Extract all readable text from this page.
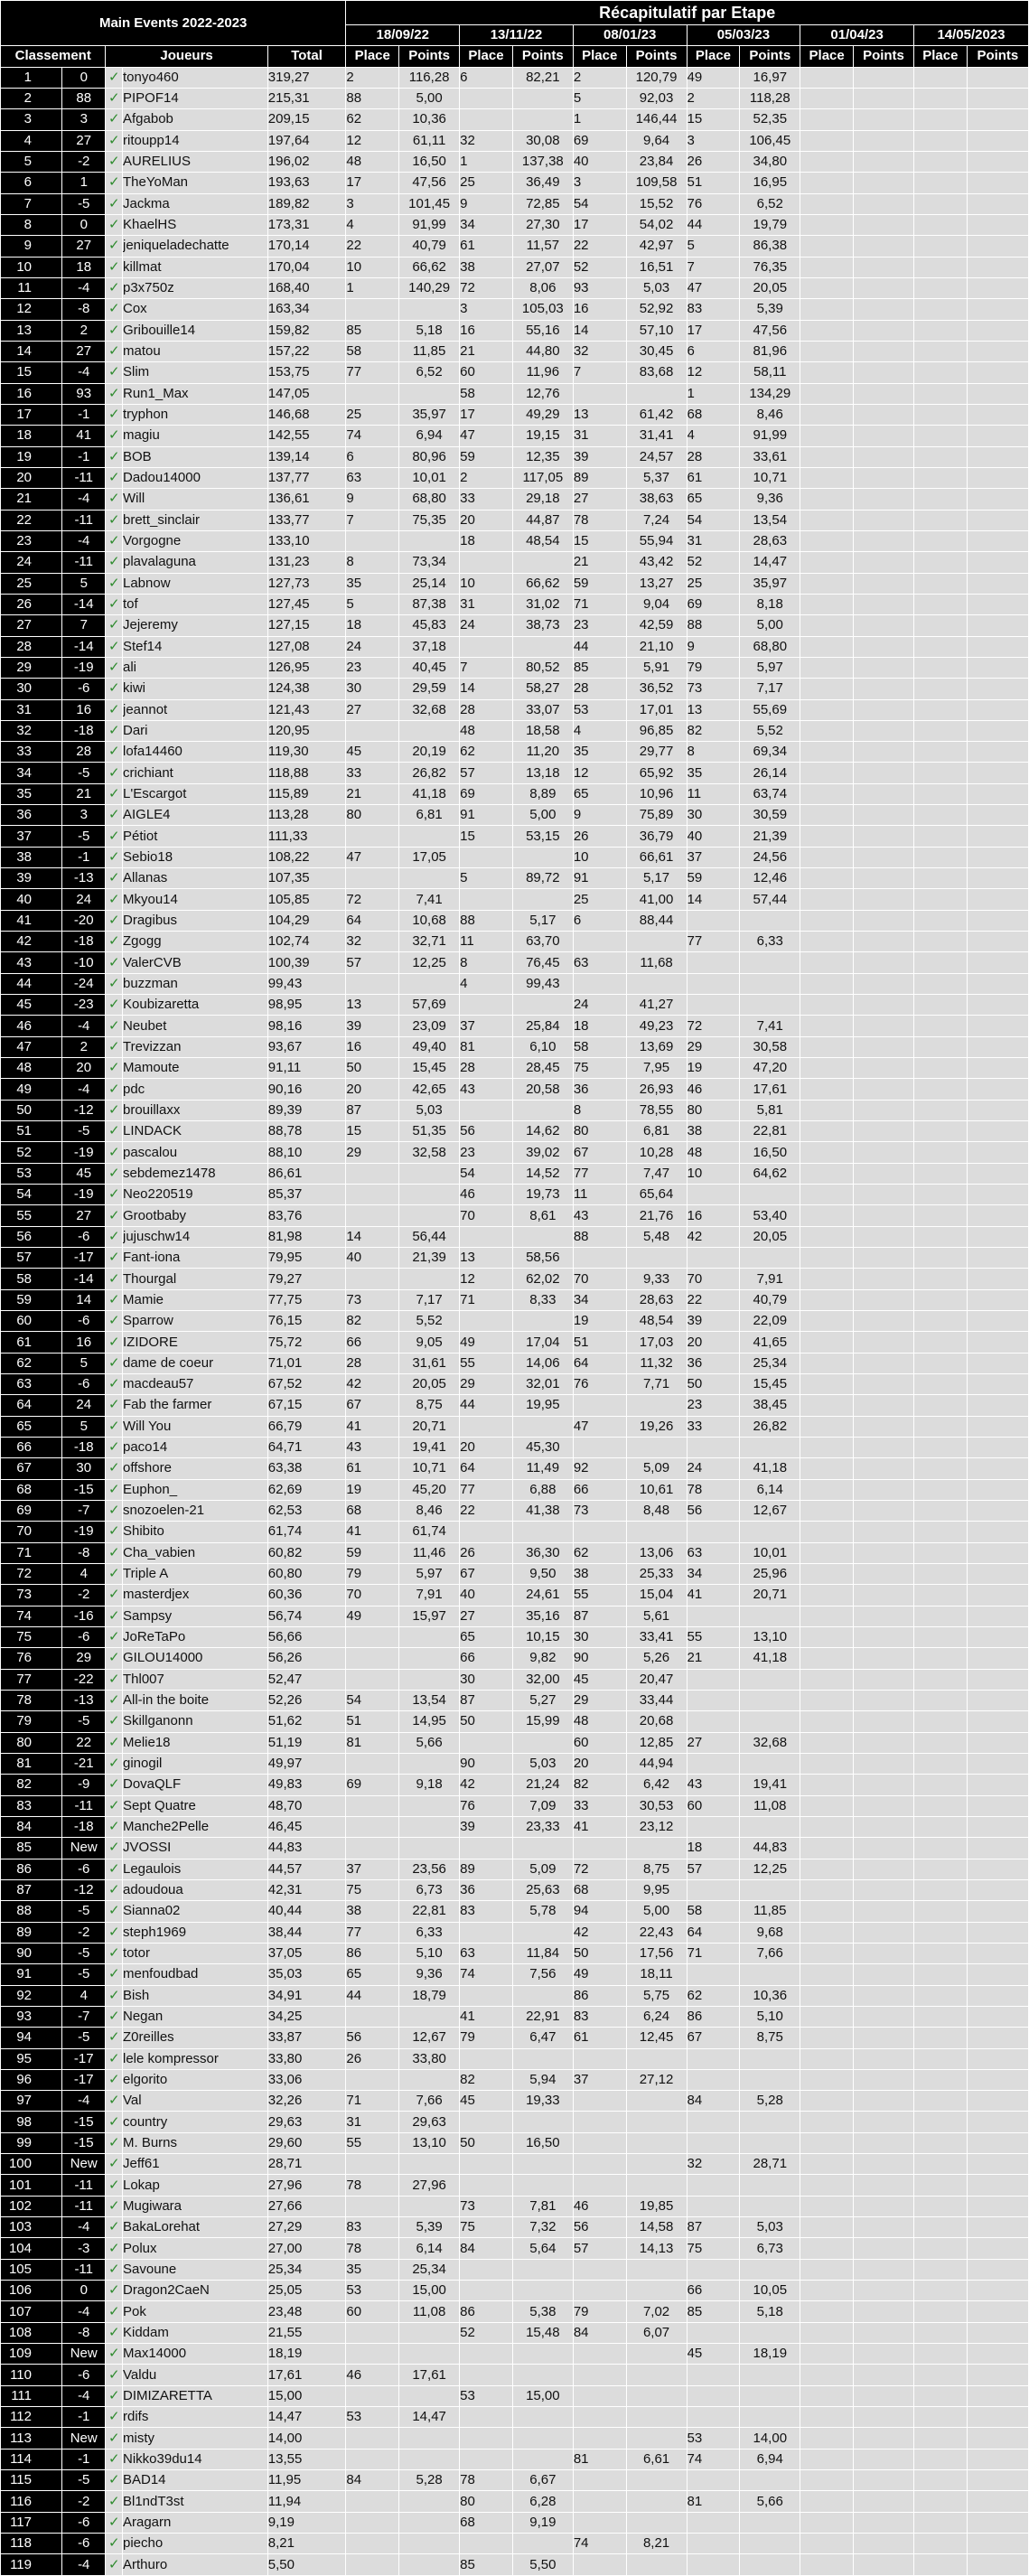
Main Events 2022-2023					Récapitulatif par Etape											
					18/09/22		13/11/22		08/01/23		05/03/23		01/04/23		14/05/2023	
Classement		Joueurs		Total	Place	Points	Place	Points	Place	Points	Place	Points	Place	Points	Place	Points
1	0	✓	tonyo460	319,27	2	116,28	6	82,21	2	120,79	49	16,97				
2	88	✓	PIPOF14	215,31	88	5,00			5	92,03	2	118,28				
3	3	✓	Afgabob	209,15	62	10,36			1	146,44	15	52,35				
4	27	✓	ritoupp14	197,64	12	61,11	32	30,08	69	9,64	3	106,45				
5	-2	✓	AURELIUS	196,02	48	16,50	1	137,38	40	23,84	26	34,80				
6	1	✓	TheYoMan	193,63	17	47,56	25	36,49	3	109,58	51	16,95				
7	-5	✓	Jackma	189,82	3	101,45	9	72,85	54	15,52	76	6,52				
8	0	✓	KhaelHS	173,31	4	91,99	34	27,30	17	54,02	44	19,79				
9	27	✓	jeniqueladechatte	170,14	22	40,79	61	11,57	22	42,97	5	86,38				
10	18	✓	killmat	170,04	10	66,62	38	27,07	52	16,51	7	76,35				
11	-4	✓	p3x750z	168,40	1	140,29	72	8,06	93	5,03	47	20,05				
12	-8	✓	Cox	163,34			3	105,03	16	52,92	83	5,39				
13	2	✓	Gribouille14	159,82	85	5,18	16	55,16	14	57,10	17	47,56				
14	27	✓	matou	157,22	58	11,85	21	44,80	32	30,45	6	81,96				
15	-4	✓	Slim	153,75	77	6,52	60	11,96	7	83,68	12	58,11				
16	93	✓	Run1_Max	147,05			58	12,76			1	134,29				
17	-1	✓	tryphon	146,68	25	35,97	17	49,29	13	61,42	68	8,46				
18	41	✓	magiu	142,55	74	6,94	47	19,15	31	31,41	4	91,99				
19	-1	✓	BOB	139,14	6	80,96	59	12,35	39	24,57	28	33,61				
20	-11	✓	Dadou14000	137,77	63	10,01	2	117,05	89	5,37	61	10,71				
21	-4	✓	Will	136,61	9	68,80	33	29,18	27	38,63	65	9,36				
22	-11	✓	brett_sinclair	133,77	7	75,35	20	44,87	78	7,24	54	13,54				
23	-4	✓	Vorgogne	133,10			18	48,54	15	55,94	31	28,63				
24	-11	✓	plavalaguna	131,23	8	73,34			21	43,42	52	14,47				
25	5	✓	Labnow	127,73	35	25,14	10	66,62	59	13,27	25	35,97				
26	-14	✓	tof	127,45	5	87,38	31	31,02	71	9,04	69	8,18				
27	7	✓	Jejeremy	127,15	18	45,83	24	38,73	23	42,59	88	5,00				
28	-14	✓	Stef14	127,08	24	37,18			44	21,10	9	68,80				
29	-19	✓	ali	126,95	23	40,45	7	80,52	85	5,91	79	5,97				
30	-6	✓	kiwi	124,38	30	29,59	14	58,27	28	36,52	73	7,17				
31	16	✓	jeannot	121,43	27	32,68	28	33,07	53	17,01	13	55,69				
32	-18	✓	Dari	120,95			48	18,58	4	96,85	82	5,52				
33	28	✓	lofa14460	119,30	45	20,19	62	11,20	35	29,77	8	69,34				
34	-5	✓	crichiant	118,88	33	26,82	57	13,18	12	65,92	35	26,14				
35	21	✓	L'Escargot	115,89	21	41,18	69	8,89	65	10,96	11	63,74				
36	3	✓	AIGLE4	113,28	80	6,81	91	5,00	9	75,89	30	30,59				
37	-5	✓	Pétiot	111,33			15	53,15	26	36,79	40	21,39				
38	-1	✓	Sebio18	108,22	47	17,05			10	66,61	37	24,56				
39	-13	✓	Allanas	107,35			5	89,72	91	5,17	59	12,46				
40	24	✓	Mkyou14	105,85	72	7,41			25	41,00	14	57,44				
41	-20	✓	Dragibus	104,29	64	10,68	88	5,17	6	88,44						
42	-18	✓	Zgogg	102,74	32	32,71	11	63,70			77	6,33				
43	-10	✓	ValerCVB	100,39	57	12,25	8	76,45	63	11,68						
44	-24	✓	buzzman	99,43			4	99,43								
45	-23	✓	Koubizaretta	98,95	13	57,69			24	41,27						
46	-4	✓	Neubet	98,16	39	23,09	37	25,84	18	49,23	72	7,41				
47	2	✓	Trevizzan	93,67	16	49,40	81	6,10	58	13,69	29	30,58				
48	20	✓	Mamoute	91,11	50	15,45	28	28,45	75	7,95	19	47,20				
49	-4	✓	pdc	90,16	20	42,65	43	20,58	36	26,93	46	17,61				
50	-12	✓	brouillaxx	89,39	87	5,03			8	78,55	80	5,81				
51	-5	✓	LINDACK	88,78	15	51,35	56	14,62	80	6,81	38	22,81				
52	-19	✓	pascalou	88,10	29	32,58	23	39,02	67	10,28	48	16,50				
53	45	✓	sebdemez1478	86,61			54	14,52	77	7,47	10	64,62				
54	-19	✓	Neo220519	85,37			46	19,73	11	65,64						
55	27	✓	Grootbaby	83,76			70	8,61	43	21,76	16	53,40				
56	-6	✓	jujuschw14	81,98	14	56,44			88	5,48	42	20,05				
57	-17	✓	Fant-iona	79,95	40	21,39	13	58,56								
58	-14	✓	Thourgal	79,27			12	62,02	70	9,33	70	7,91				
59	14	✓	Mamie	77,75	73	7,17	71	8,33	34	28,63	22	40,79				
60	-6	✓	Sparrow	76,15	82	5,52			19	48,54	39	22,09				
61	16	✓	IZIDORE	75,72	66	9,05	49	17,04	51	17,03	20	41,65				
62	5	✓	dame de coeur	71,01	28	31,61	55	14,06	64	11,32	36	25,34				
63	-6	✓	macdeau57	67,52	42	20,05	29	32,01	76	7,71	50	15,45				
64	24	✓	Fab the farmer	67,15	67	8,75	44	19,95			23	38,45				
65	5	✓	Will You	66,79	41	20,71			47	19,26	33	26,82				
66	-18	✓	paco14	64,71	43	19,41	20	45,30								
67	30	✓	offshore	63,38	61	10,71	64	11,49	92	5,09	24	41,18				
68	-15	✓	Euphon_	62,69	19	45,20	77	6,88	66	10,61	78	6,14				
69	-7	✓	snozoelen-21	62,53	68	8,46	22	41,38	73	8,48	56	12,67				
70	-19	✓	Shibito	61,74	41	61,74										
71	-8	✓	Cha_vabien	60,82	59	11,46	26	36,30	62	13,06	63	10,01				
72	4	✓	Triple A	60,80	79	5,97	67	9,50	38	25,33	34	25,96				
73	-2	✓	masterdjex	60,36	70	7,91	40	24,61	55	15,04	41	20,71				
74	-16	✓	Sampsy	56,74	49	15,97	27	35,16	87	5,61						
75	-6	✓	JoReTaPo	56,66			65	10,15	30	33,41	55	13,10				
76	29	✓	GILOU14000	56,26			66	9,82	90	5,26	21	41,18				
77	-22	✓	Thl007	52,47			30	32,00	45	20,47						
78	-13	✓	All-in the boite	52,26	54	13,54	87	5,27	29	33,44						
79	-5	✓	Skillganonn	51,62	51	14,95	50	15,99	48	20,68						
80	22	✓	Melie18	51,19	81	5,66			60	12,85	27	32,68				
81	-21	✓	ginogil	49,97			90	5,03	20	44,94						
82	-9	✓	DovaQLF	49,83	69	9,18	42	21,24	82	6,42	43	19,41				
83	-11	✓	Sept Quatre	48,70			76	7,09	33	30,53	60	11,08				
84	-18	✓	Manche2Pelle	46,45			39	23,33	41	23,12						
85	New	✓	JVOSSI	44,83							18	44,83				
86	-6	✓	Legaulois	44,57	37	23,56	89	5,09	72	8,75	57	12,25				
87	-12	✓	adoudoua	42,31	75	6,73	36	25,63	68	9,95						
88	-5	✓	Sianna02	40,44	38	22,81	83	5,78	94	5,00	58	11,85				
89	-2	✓	steph1969	38,44	77	6,33			42	22,43	64	9,68				
90	-5	✓	totor	37,05	86	5,10	63	11,84	50	17,56	71	7,66				
91	-5	✓	menfoudbad	35,03	65	9,36	74	7,56	49	18,11						
92	4	✓	Bish	34,91	44	18,79			86	5,75	62	10,36				
93	-7	✓	Negan	34,25			41	22,91	83	6,24	86	5,10				
94	-5	✓	Z0reilles	33,87	56	12,67	79	6,47	61	12,45	67	8,75				
95	-17	✓	lele kompressor	33,80	26	33,80										
96	-17	✓	elgorito	33,06			82	5,94	37	27,12						
97	-4	✓	Val	32,26	71	7,66	45	19,33			84	5,28				
98	-15	✓	country	29,63	31	29,63										
99	-15	✓	M. Burns	29,60	55	13,10	50	16,50								
100	New	✓	Jeff61	28,71							32	28,71				
101	-11	✓	Lokap	27,96	78	27,96										
102	-11	✓	Mugiwara	27,66			73	7,81	46	19,85						
103	-4	✓	BakaLorehat	27,29	83	5,39	75	7,32	56	14,58	87	5,03				
104	-3	✓	Polux	27,00	78	6,14	84	5,64	57	14,13	75	6,73				
105	-11	✓	Savoune	25,34	35	25,34										
106	0	✓	Dragon2CaeN	25,05	53	15,00					66	10,05				
107	-4	✓	Pok	23,48	60	11,08	86	5,38	79	7,02	85	5,18				
108	-8	✓	Kiddam	21,55			52	15,48	84	6,07						
109	New	✓	Max14000	18,19							45	18,19				
110	-6	✓	Valdu	17,61	46	17,61										
111	-4	✓	DIMIZARETTA	15,00			53	15,00								
112	-1	✓	rdifs	14,47	53	14,47										
113	New	✓	misty	14,00							53	14,00				
114	-1	✓	Nikko39du14	13,55					81	6,61	74	6,94				
115	-5	✓	BAD14	11,95	84	5,28	78	6,67								
116	-2	✓	Bl1ndT3st	11,94			80	6,28			81	5,66				
117	-6	✓	Aragarn	9,19			68	9,19								
118	-6	✓	piecho	8,21					74	8,21						
119	-4	✓	Arthuro	5,50			85	5,50								
